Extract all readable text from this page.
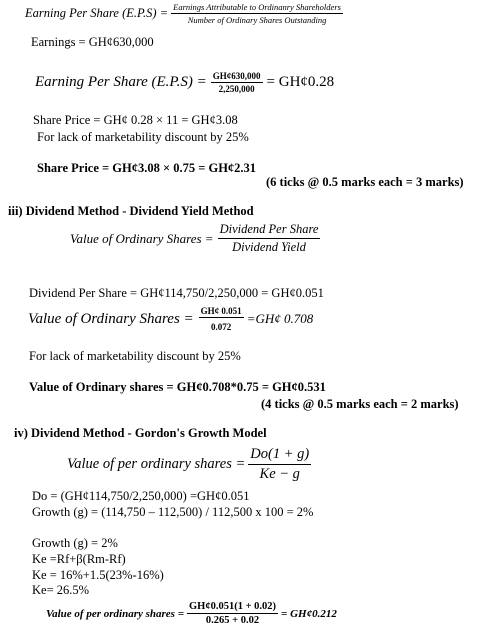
Earning Per Share $(E.P.S) = \frac{\text{Earnings Attributable to Ordinanry Shareholders}}{\text{Number of Ordinary Shares Outstanding}}$
Earnings = GH¢630,000
Earning Per Share $(E.P.S) = \frac{GH¢630,000}{2,250,000}$ = GH¢0.28
Share Price = GH¢ 0.28 × 11 = GH¢3.08
For lack of marketability discount by 25%
Share Price = GH¢3.08 × 0.75 = GH¢2.31
(6 ticks @ 0.5 marks each = 3 marks)
iii) Dividend Method - Dividend Yield Method
Value of Ordinary Shares = $\frac{\text{Dividend Per Share}}{\text{Dividend Yield}}$
Dividend Per Share = GH¢114,750/2,250,000 = GH¢0.051
Value of Ordinary Shares = $\frac{GH¢ 0.051}{0.072}$ =GH¢ 0.708
For lack of marketability discount by 25%
Value of Ordinary shares = GH¢0.708*0.75 = GH¢0.531
(4 ticks @ 0.5 marks each = 2 marks)
iv) Dividend Method - Gordon's Growth Model
Value of per ordinary shares = $\frac{Do(1 + g)}{Ke - g}$
Do = (GH¢114,750/2,250,000) =GH¢0.051
Growth (g) = (114,750 – 112,500) / 112,500 x 100 = 2%
Growth (g) = 2%
Ke =Rf+β(Rm-Rf)
Ke = 16%+1.5(23%-16%)
Ke= 26.5%
Value of per ordinary shares = $\frac{GH¢0.051(1 + 0.02)}{0.265 + 0.02}$ = GH¢0.212
